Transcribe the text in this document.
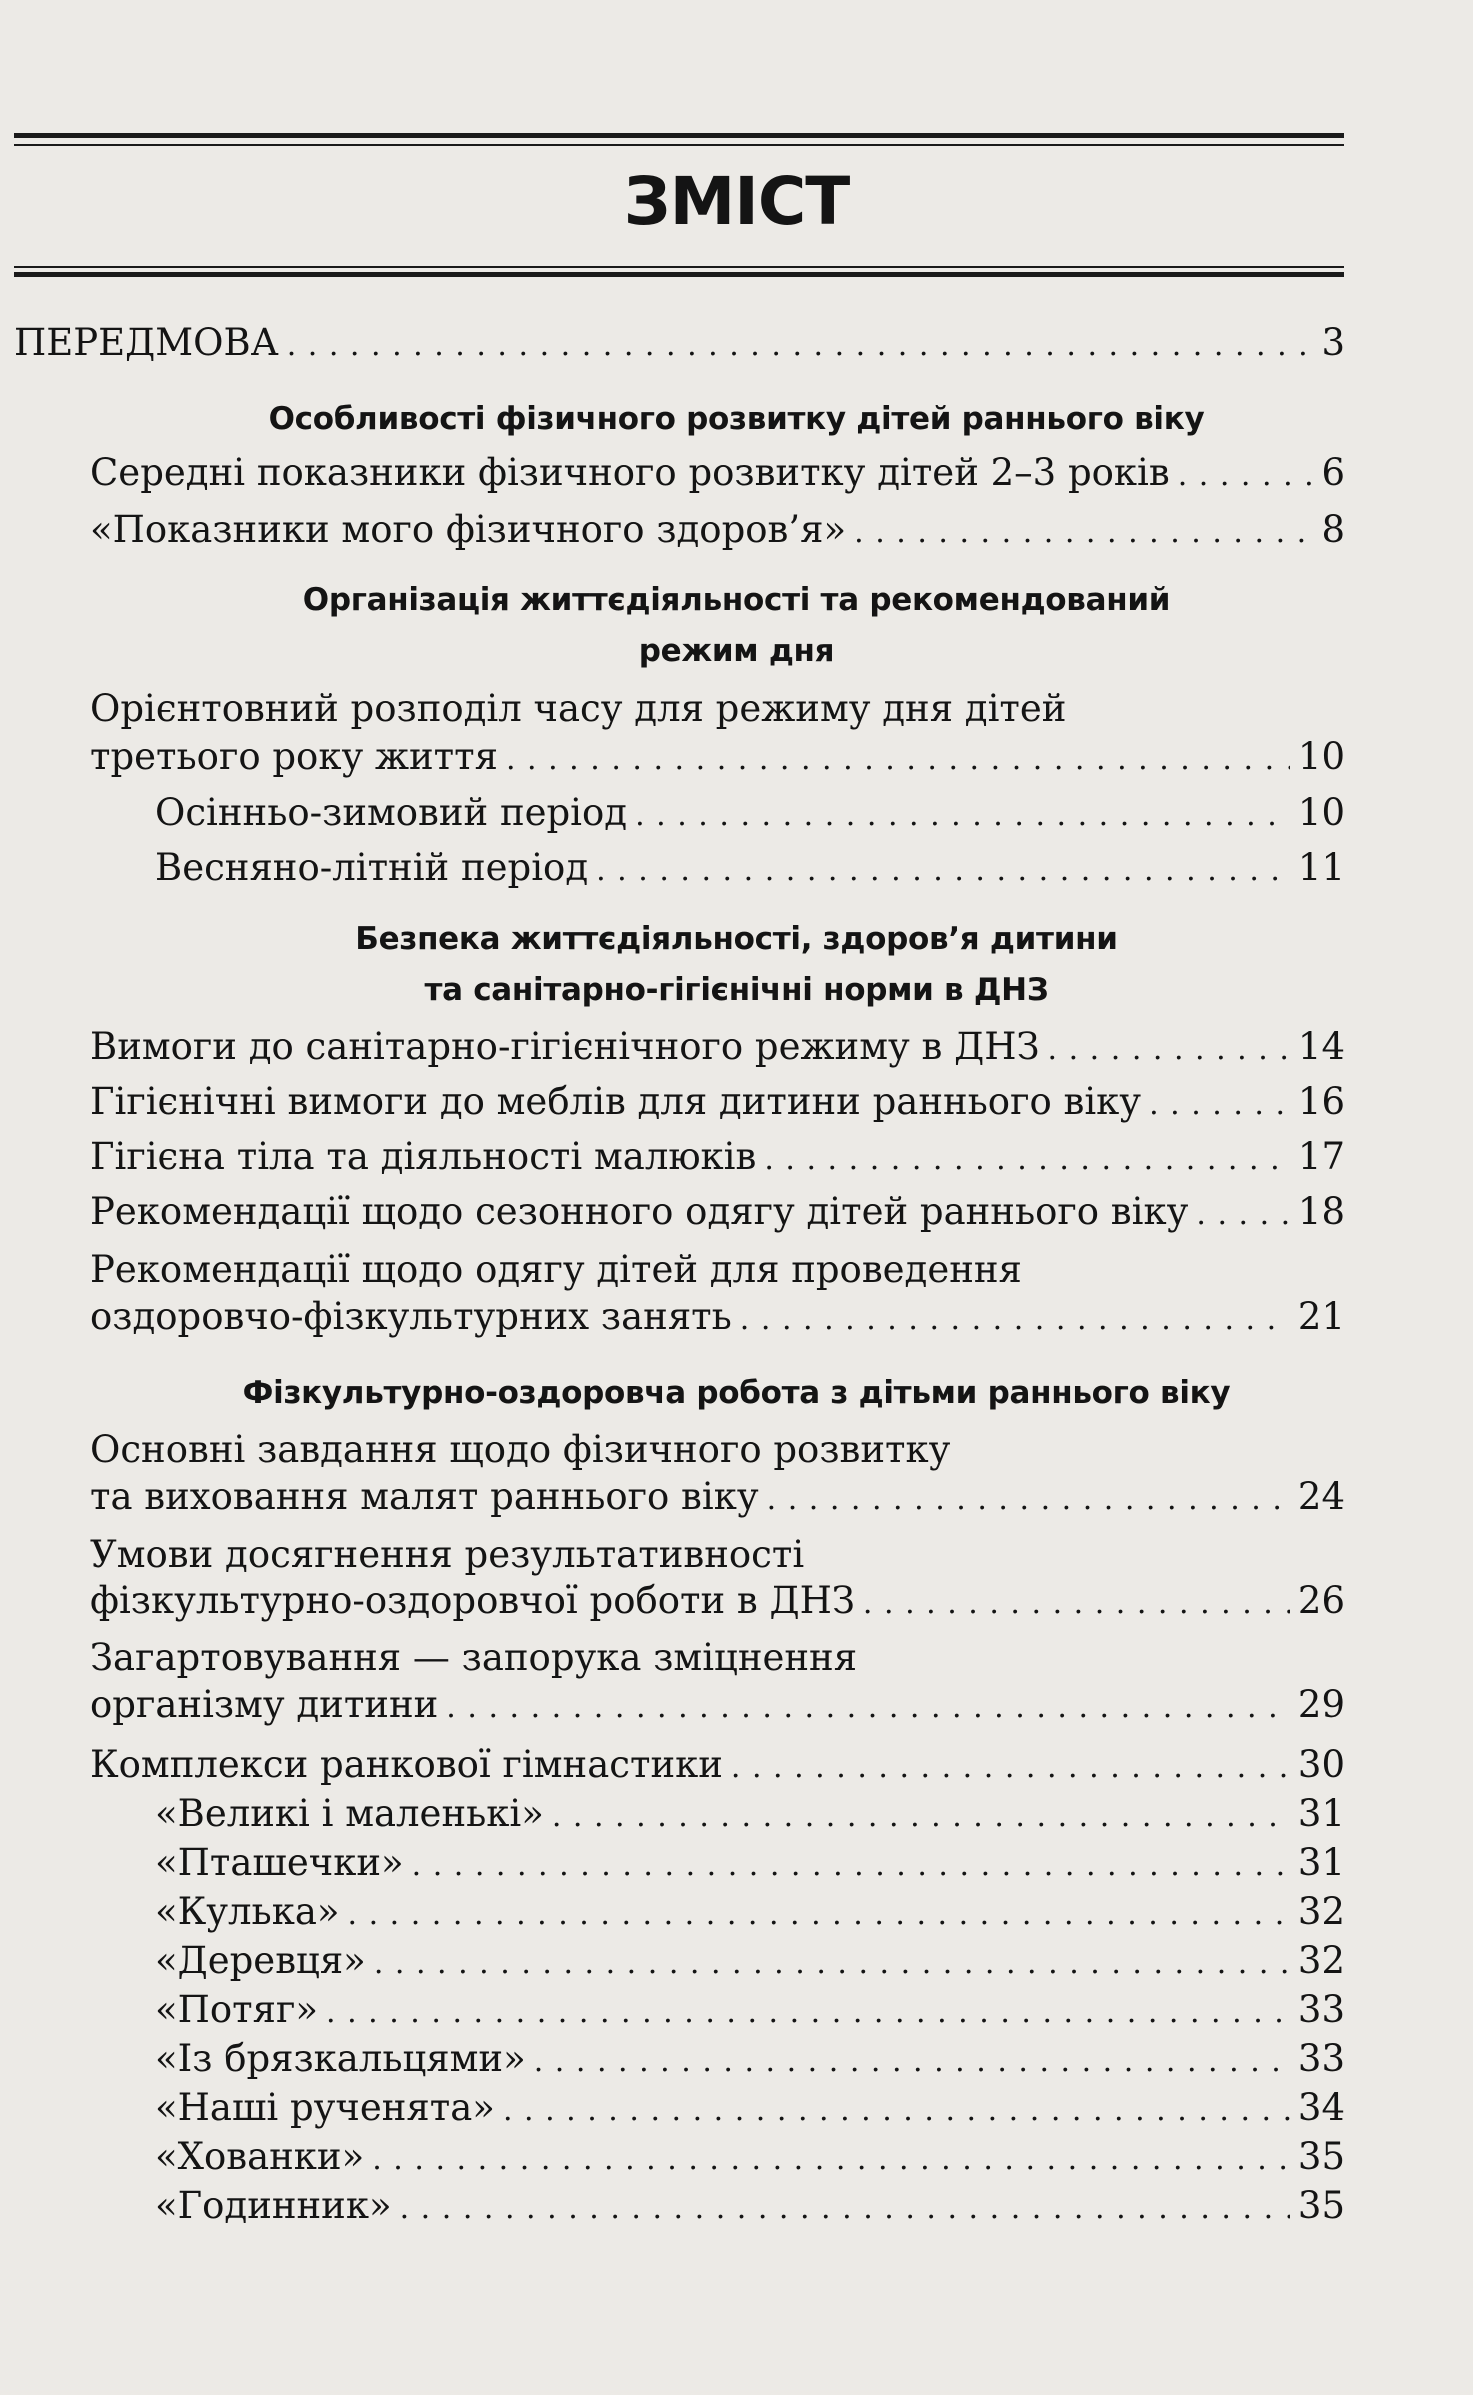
ЗМІСТ
ПЕРЕДМОВА . . .	3
Особливості фізичного розвитку дітей раннього віку
Середні показники фізичного розвитку дітей 2–3 років . . .	6
«Показники мого фізичного здоров’я» . . .	8
Організація життєдіяльності та рекомендований
режим дня
Орієнтовний розподіл часу для режиму дня дітей
третього року життя . . .	10
Осінньо-зимовий період . . .	10
Весняно-літній період . . .	11
Безпека життєдіяльності, здоров’я дитини
та санітарно-гігієнічні норми в ДНЗ
Вимоги до санітарно-гігієнічного режиму в ДНЗ . . .	14
Гігієнічні вимоги до меблів для дитини раннього віку . . .	16
Гігієна тіла та діяльності малюків . . .	17
Рекомендації щодо сезонного одягу дітей раннього віку . . .	18
Рекомендації щодо одягу дітей для проведення
оздоровчо-фізкультурних занять . . .	21
Фізкультурно-оздоровча робота з дітьми раннього віку
Основні завдання щодо фізичного розвитку
та виховання малят раннього віку . . .	24
Умови досягнення результативності
фізкультурно-оздоровчої роботи в ДНЗ . . .	26
Загартовування — запорука зміцнення
організму дитини . . .	29
Комплекси ранкової гімнастики . . .	30
«Великі і маленькі» . . .	31
«Пташечки» . . .	31
«Кулька» . . .	32
«Деревця» . . .	32
«Потяг» . . .	33
«Із брязкальцями» . . .	33
«Наші рученята» . . .	34
«Хованки» . . .	35
«Годинник» . . .	35
